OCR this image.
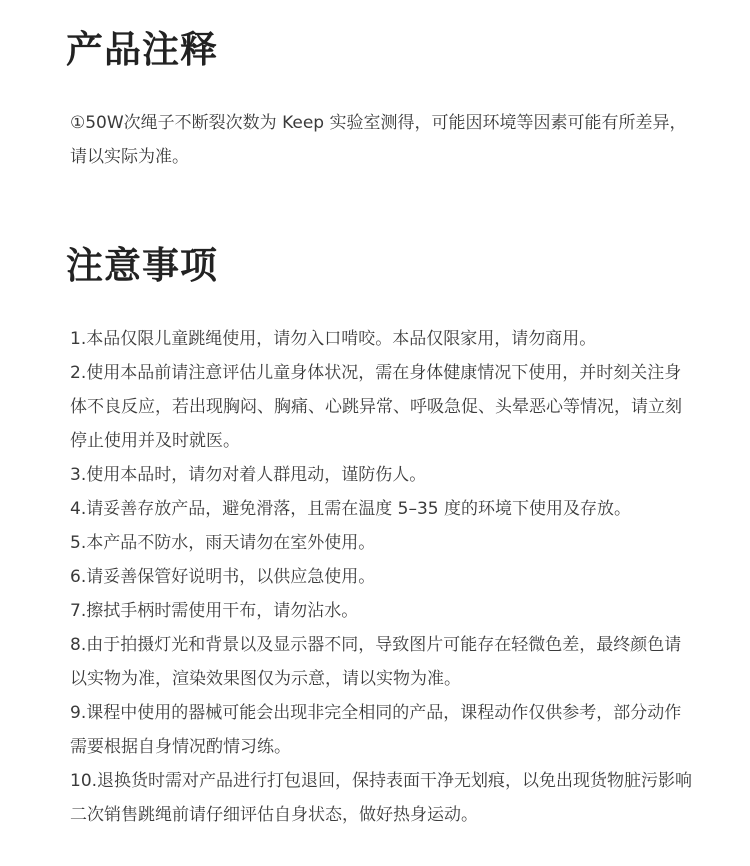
产品注释

①50W次绳子不断裂次数为 Keep 实验室测得，可能因环境等因素可能有所差异，请以实际为准。

注意事项
1.本品仅限儿童跳绳使用，请勿入口啃咬。本品仅限家用，请勿商用。
2.使用本品前请注意评估儿童身体状况，需在身体健康情况下使用，并时刻关注身体不良反应，若出现胸闷、胸痛、心跳异常、呼吸急促、头晕恶心等情况，请立刻停止使用并及时就医。
3.使用本品时，请勿对着人群甩动，谨防伤人。
4.请妥善存放产品，避免滑落，且需在温度 5–35 度的环境下使用及存放。
5.本产品不防水，雨天请勿在室外使用。
6.请妥善保管好说明书，以供应急使用。
7.擦拭手柄时需使用干布，请勿沾水。
8.由于拍摄灯光和背景以及显示器不同，导致图片可能存在轻微色差，最终颜色请以实物为准，渲染效果图仅为示意，请以实物为准。
9.课程中使用的器械可能会出现非完全相同的产品，课程动作仅供参考，部分动作需要根据自身情况酌情习练。
10.退换货时需对产品进行打包退回，保持表面干净无划痕，以免出现货物脏污影响二次销售跳绳前请仔细评估自身状态，做好热身运动。
